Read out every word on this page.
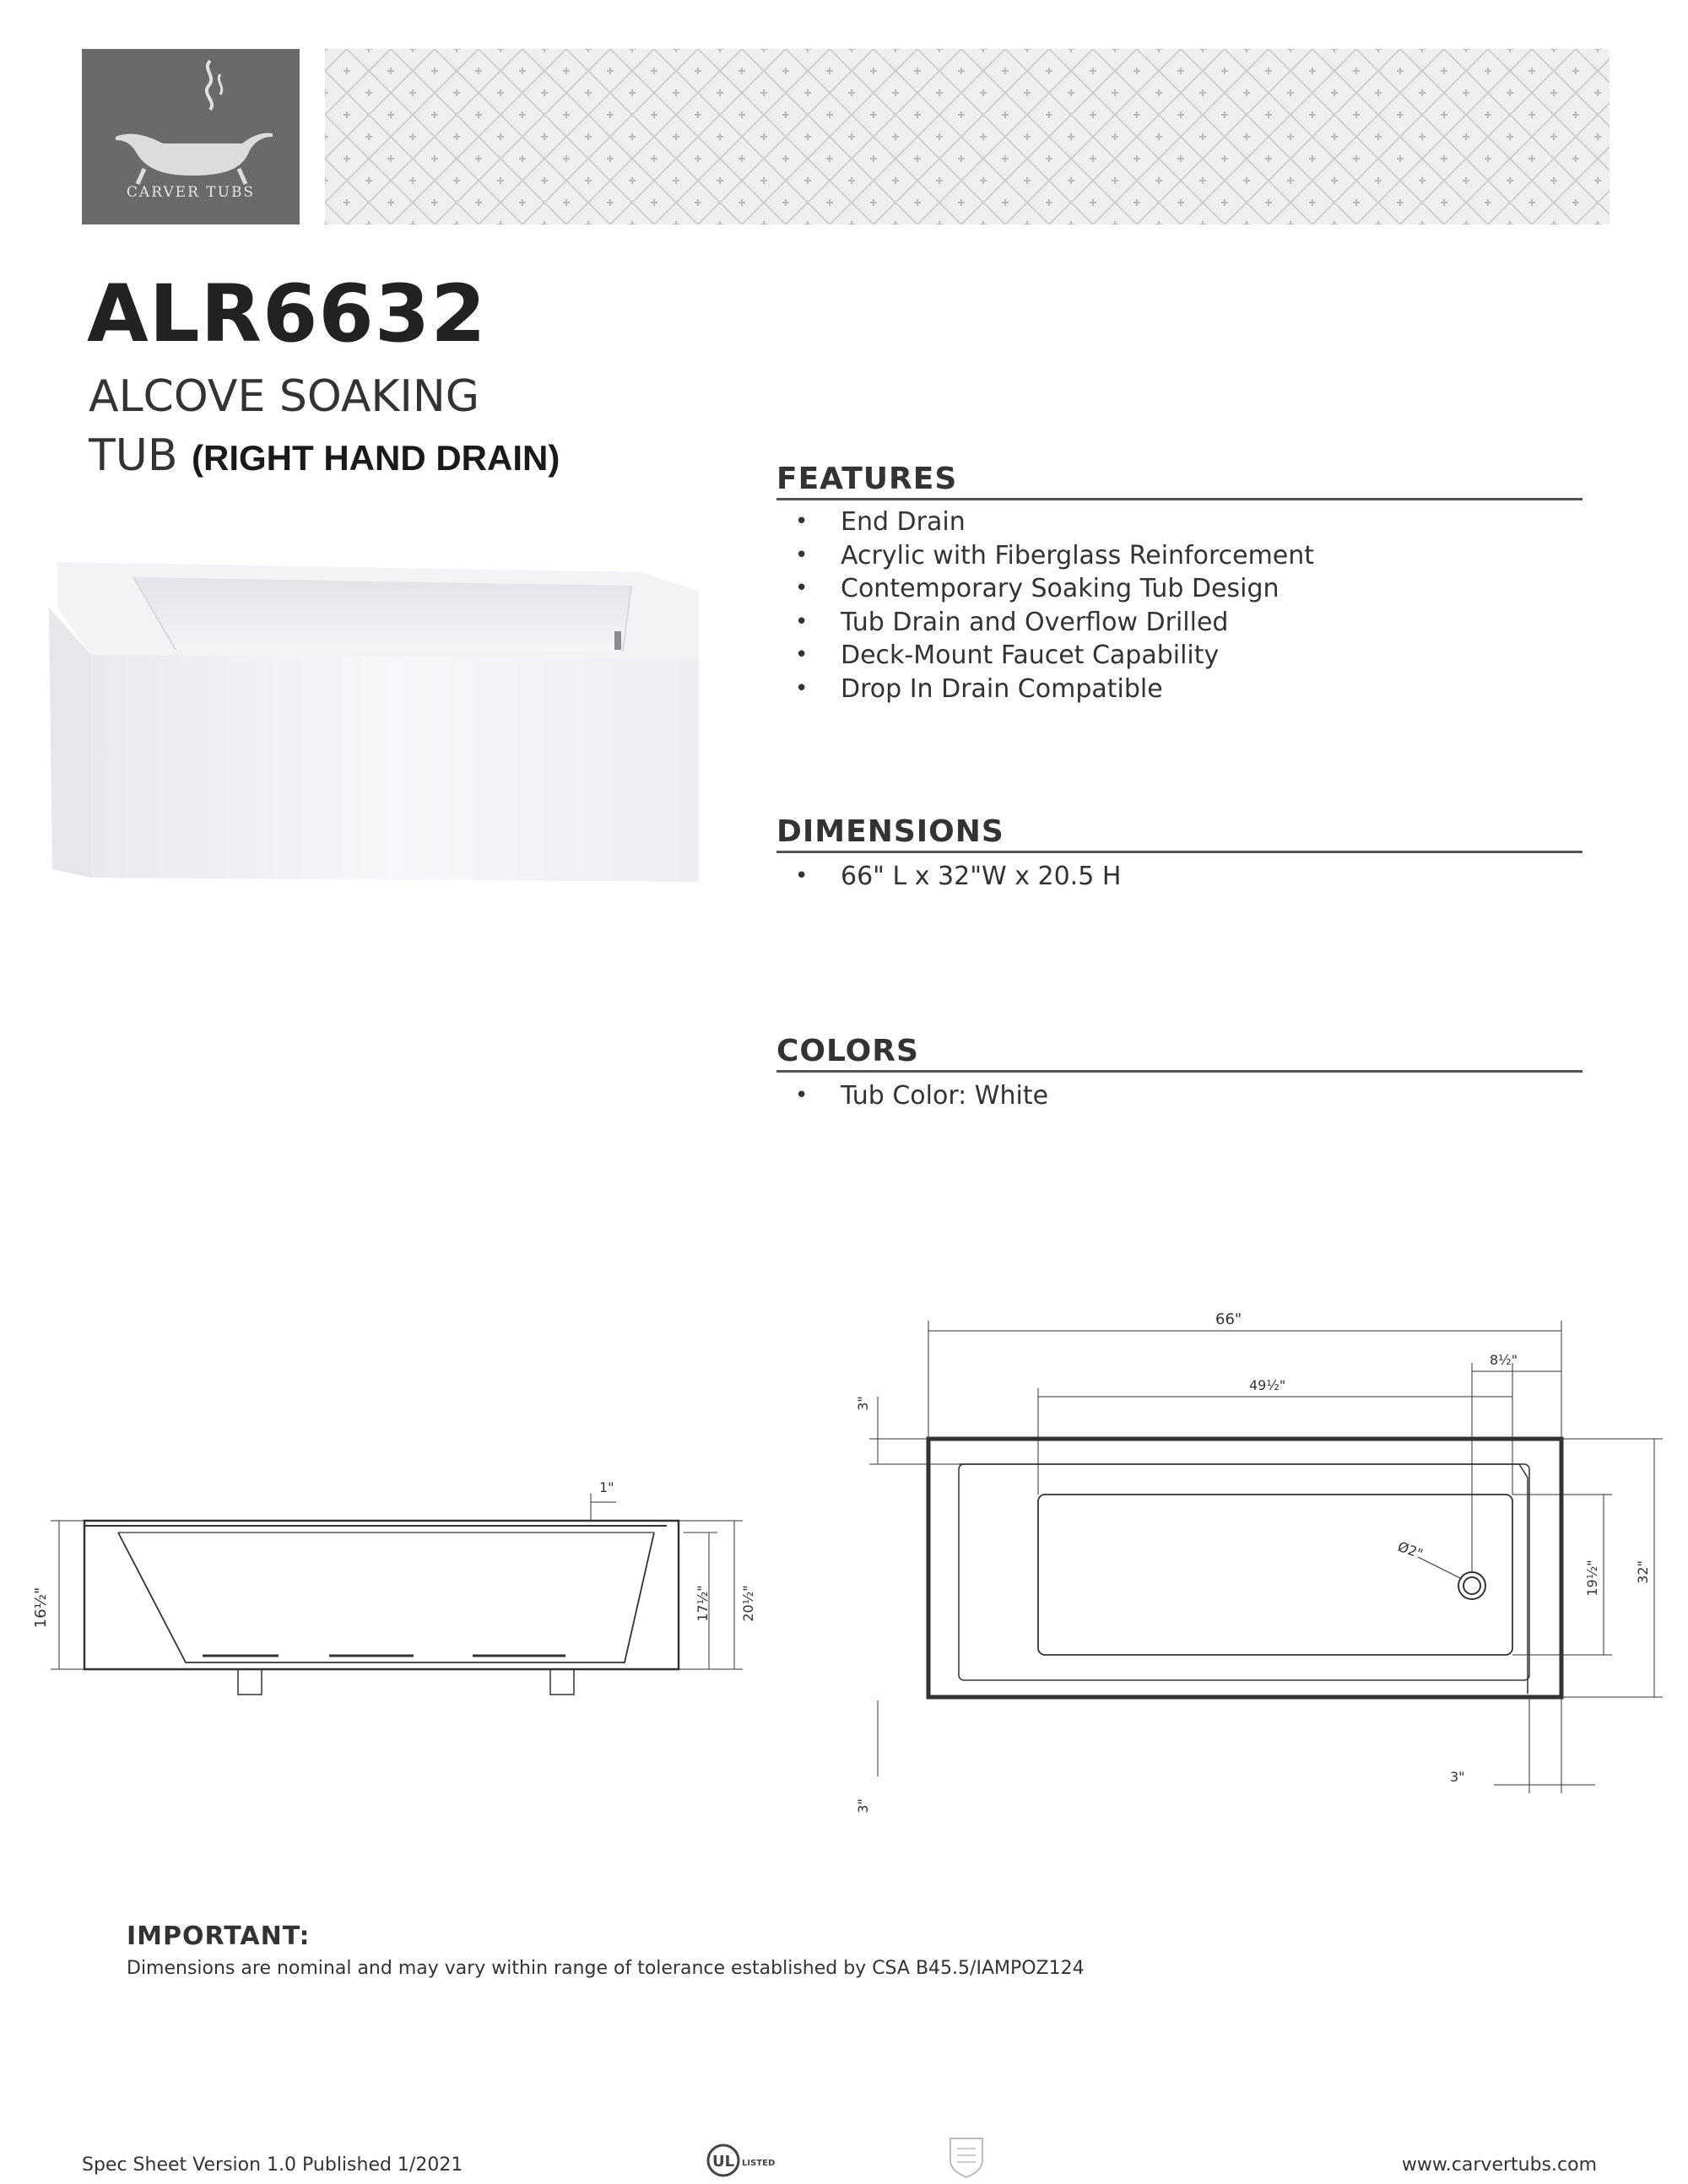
CARVER TUBS
ALR6632
ALCOVE SOAKING
TUB (RIGHT HAND DRAIN)
FEATURES
• End Drain
• Acrylic with Fiberglass Reinforcement
• Contemporary Soaking Tub Design
• Tub Drain and Overflow Drilled
• Deck-Mount Faucet Capability
• Drop In Drain Compatible
DIMENSIONS
• 66" L x 32"W x 20.5 H
COLORS
• Tub Color: White
16½"	17½" 20½"
1"
66"
8½"
49½"
3"
Ø2"
19½"	32"
3"
3"
IMPORTANT:
Dimensions are nominal and may vary within range of tolerance established by CSA B45.5/IAMPOZ124
Spec Sheet Version 1.0 Published 1/2021	UL LISTED	www.carvertubs.com
